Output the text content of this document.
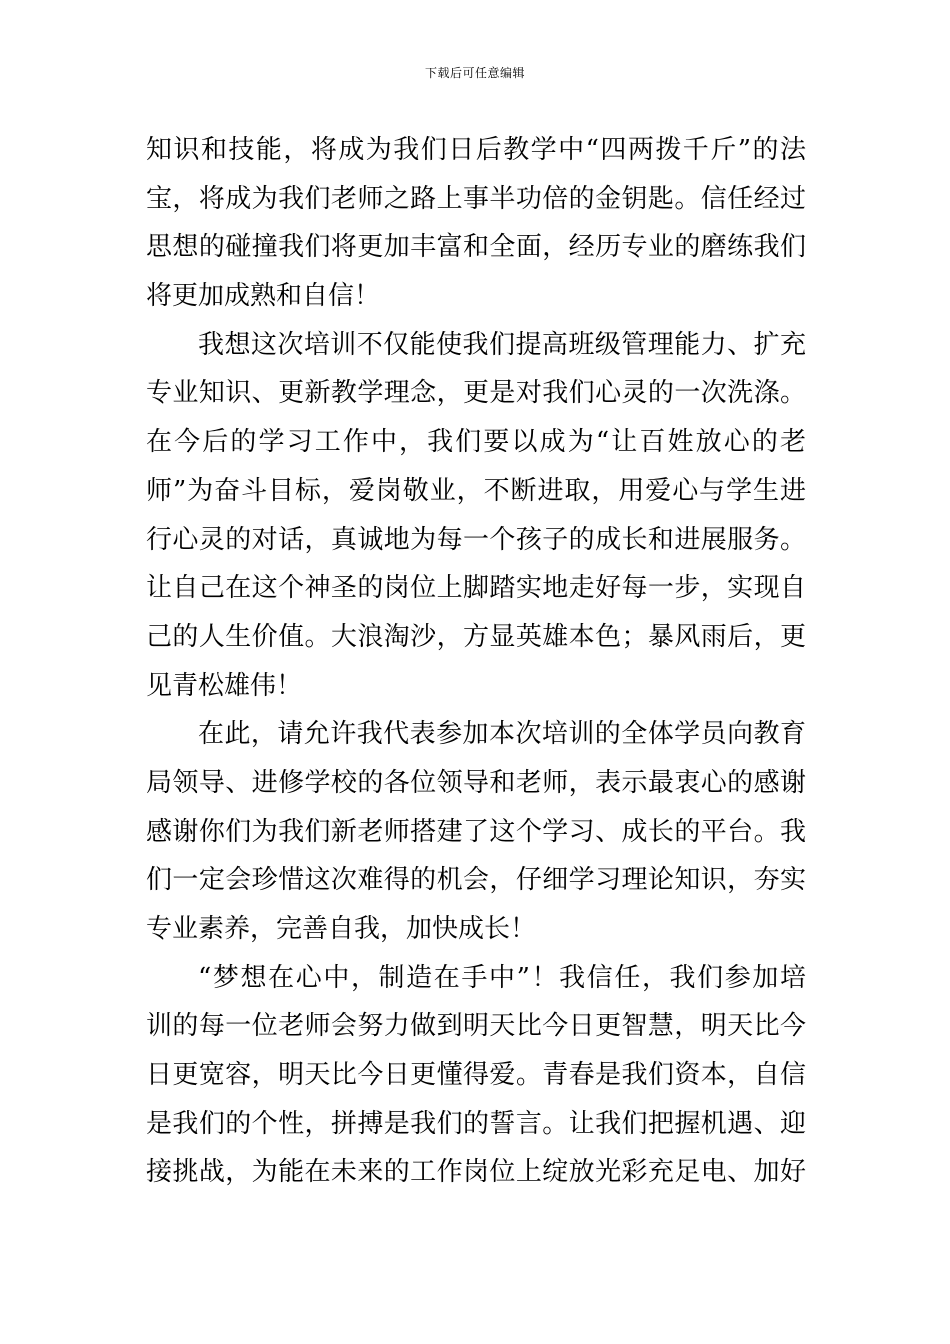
下载后可任意编辑
知识和技能，将成为我们日后教学中“四两拨千斤”的法
宝，将成为我们老师之路上事半功倍的金钥匙。信任经过
思想的碰撞我们将更加丰富和全面，经历专业的磨练我们
将更加成熟和自信！
我想这次培训不仅能使我们提高班级管理能力、扩充
专业知识、更新教学理念，更是对我们心灵的一次洗涤。
在今后的学习工作中，我们要以成为“让百姓放心的老
师”为奋斗目标，爱岗敬业，不断进取，用爱心与学生进
行心灵的对话，真诚地为每一个孩子的成长和进展服务。
让自己在这个神圣的岗位上脚踏实地走好每一步，实现自
己的人生价值。大浪淘沙，方显英雄本色；暴风雨后，更
见青松雄伟！
在此，请允许我代表参加本次培训的全体学员向教育
局领导、进修学校的各位领导和老师，表示最衷心的感谢
感谢你们为我们新老师搭建了这个学习、成长的平台。我
们一定会珍惜这次难得的机会，仔细学习理论知识，夯实
专业素养，完善自我，加快成长！
“梦想在心中，制造在手中”！我信任，我们参加培
训的每一位老师会努力做到明天比今日更智慧，明天比今
日更宽容，明天比今日更懂得爱。青春是我们资本，自信
是我们的个性，拼搏是我们的誓言。让我们把握机遇、迎
接挑战，为能在未来的工作岗位上绽放光彩充足电、加好
